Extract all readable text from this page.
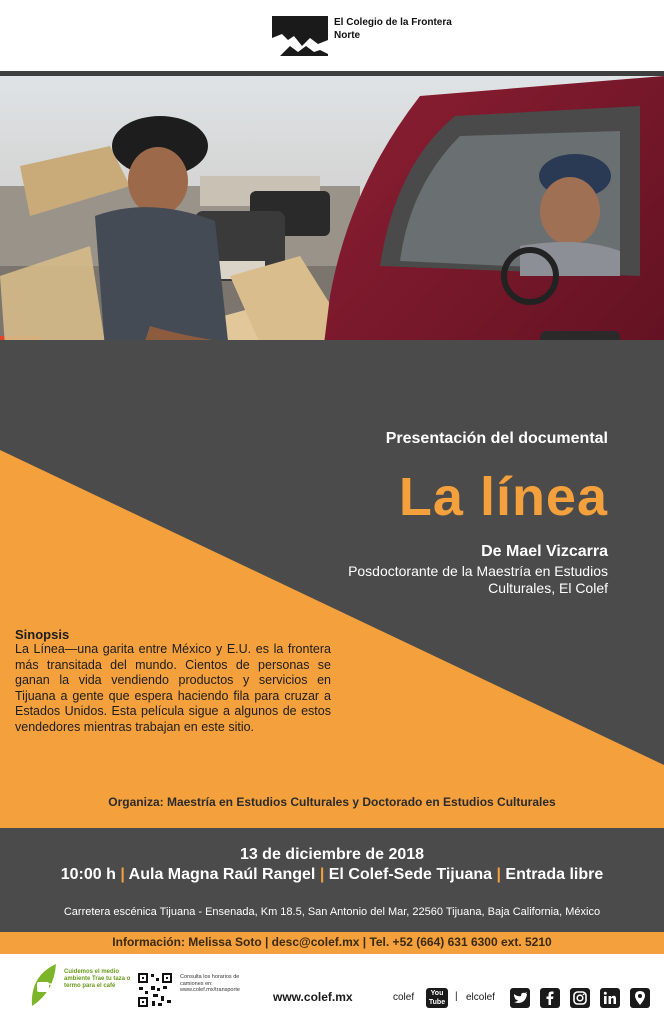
El Colegio de la Frontera Norte
Presentación del documental
La línea
De Mael Vizcarra
Posdoctorante de la Maestría en Estudios Culturales, El Colef
Sinopsis
La Línea—una garita entre México y E.U. es la frontera más transitada del mundo. Cientos de personas se ganan la vida vendiendo productos y servicios en Tijuana a gente que espera haciendo fila para cruzar a Estados Unidos. Esta película sigue a algunos de estos vendedores mientras trabajan en este sitio.
Organiza: Maestría en Estudios Culturales y Doctorado en Estudios Culturales
13 de diciembre de 2018
10:00 h | Aula Magna Raúl Rangel | El Colef-Sede Tijuana | Entrada libre
Carretera escénica Tijuana - Ensenada, Km 18.5, San Antonio del Mar, 22560 Tijuana, Baja California, México
Información: Melissa Soto | desc@colef.mx | Tel. +52 (664) 631 6300 ext. 5210
Cuidemos el medio ambiente Trae tu taza o termo para el café
Consulta los horarios de camiones en: www.colef.mx/transporte	www.colef.mx	colef	You Tube
| elcolef
